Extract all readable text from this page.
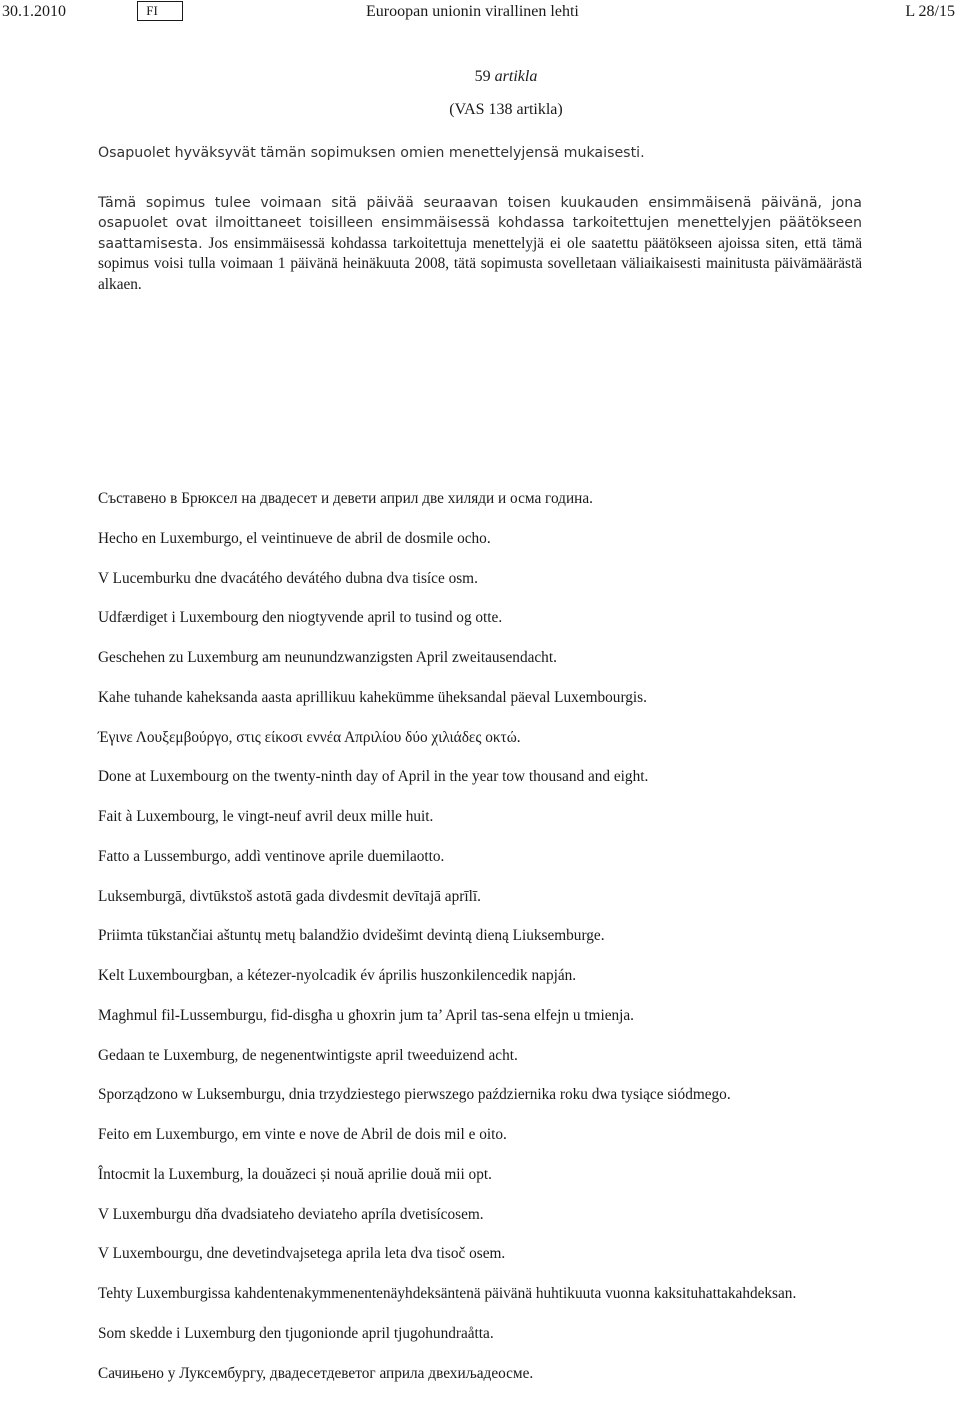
30.1.2010	FI	Euroopan unionin virallinen lehti	L 28/15
59 artikla
(VAS 138 artikla)
Osapuolet hyväksyvät tämän sopimuksen omien menettelyjensä mukaisesti.
Tämä sopimus tulee voimaan sitä päivää seuraavan toisen kuukauden ensimmäisenä päivänä, jona osapuolet ovat ilmoittaneet toisilleen ensimmäisessä kohdassa tarkoitettujen menettelyjen päätökseen saattamisesta. Jos ensimmäisessä kohdassa tarkoitettuja menettelyjä ei ole saatettu päätökseen ajoissa siten, että tämä sopimus voisi tulla voimaan 1 päivänä heinäkuuta 2008, tätä sopimusta sovelletaan väliaikaisesti mainitusta päivämäärästä alkaen.
Съставено в Брюксел на двадесет и девети април две хиляди и осма година.
Hecho en Luxemburgo, el veintinueve de abril de dosmile ocho.
V Lucemburku dne dvacátého devátého dubna dva tisíce osm.
Udfærdiget i Luxembourg den niogtyvende april to tusind og otte.
Geschehen zu Luxemburg am neunundzwanzigsten April zweitausendacht.
Kahe tuhande kaheksanda aasta aprillikuu kahekümme üheksandal päeval Luxembourgis.
Έγινε Λουξεμβούργο, στις είκοσι εννέα Απριλίου δύο χιλιάδες οκτώ.
Done at Luxembourg on the twenty-ninth day of April in the year tow thousand and eight.
Fait à Luxembourg, le vingt-neuf avril deux mille huit.
Fatto a Lussemburgo, addì ventinove aprile duemilaotto.
Luksemburgā, divtūkstoš astotā gada divdesmit devītajā aprīlī.
Priimta tūkstančiai aštuntų metų balandžio dvidešimt devintą dieną Liuksemburge.
Kelt Luxembourgban, a kétezer-nyolcadik év április huszonkilencedik napján.
Maghmul fil-Lussemburgu, fid-disgħa u għoxrin jum ta’ April tas-sena elfejn u tmienja.
Gedaan te Luxemburg, de negenentwintigste april tweeduizend acht.
Sporządzono w Luksemburgu, dnia trzydziestego pierwszego października roku dwa tysiące siódmego.
Feito em Luxemburgo, em vinte e nove de Abril de dois mil e oito.
Întocmit la Luxemburg, la douăzeci și nouă aprilie două mii opt.
V Luxemburgu dňa dvadsiateho deviateho apríla dvetisícosem.
V Luxembourgu, dne devetindvajsetega aprila leta dva tisoč osem.
Tehty Luxemburgissa kahdentenakymmenentenäyhdeksäntenä päivänä huhtikuuta vuonna kaksituhattakahdeksan.
Som skedde i Luxemburg den tjugonionde april tjugohundraåtta.
Сачињено у Луксембургу, двадесетдеветог априла двехиљадеосме.
